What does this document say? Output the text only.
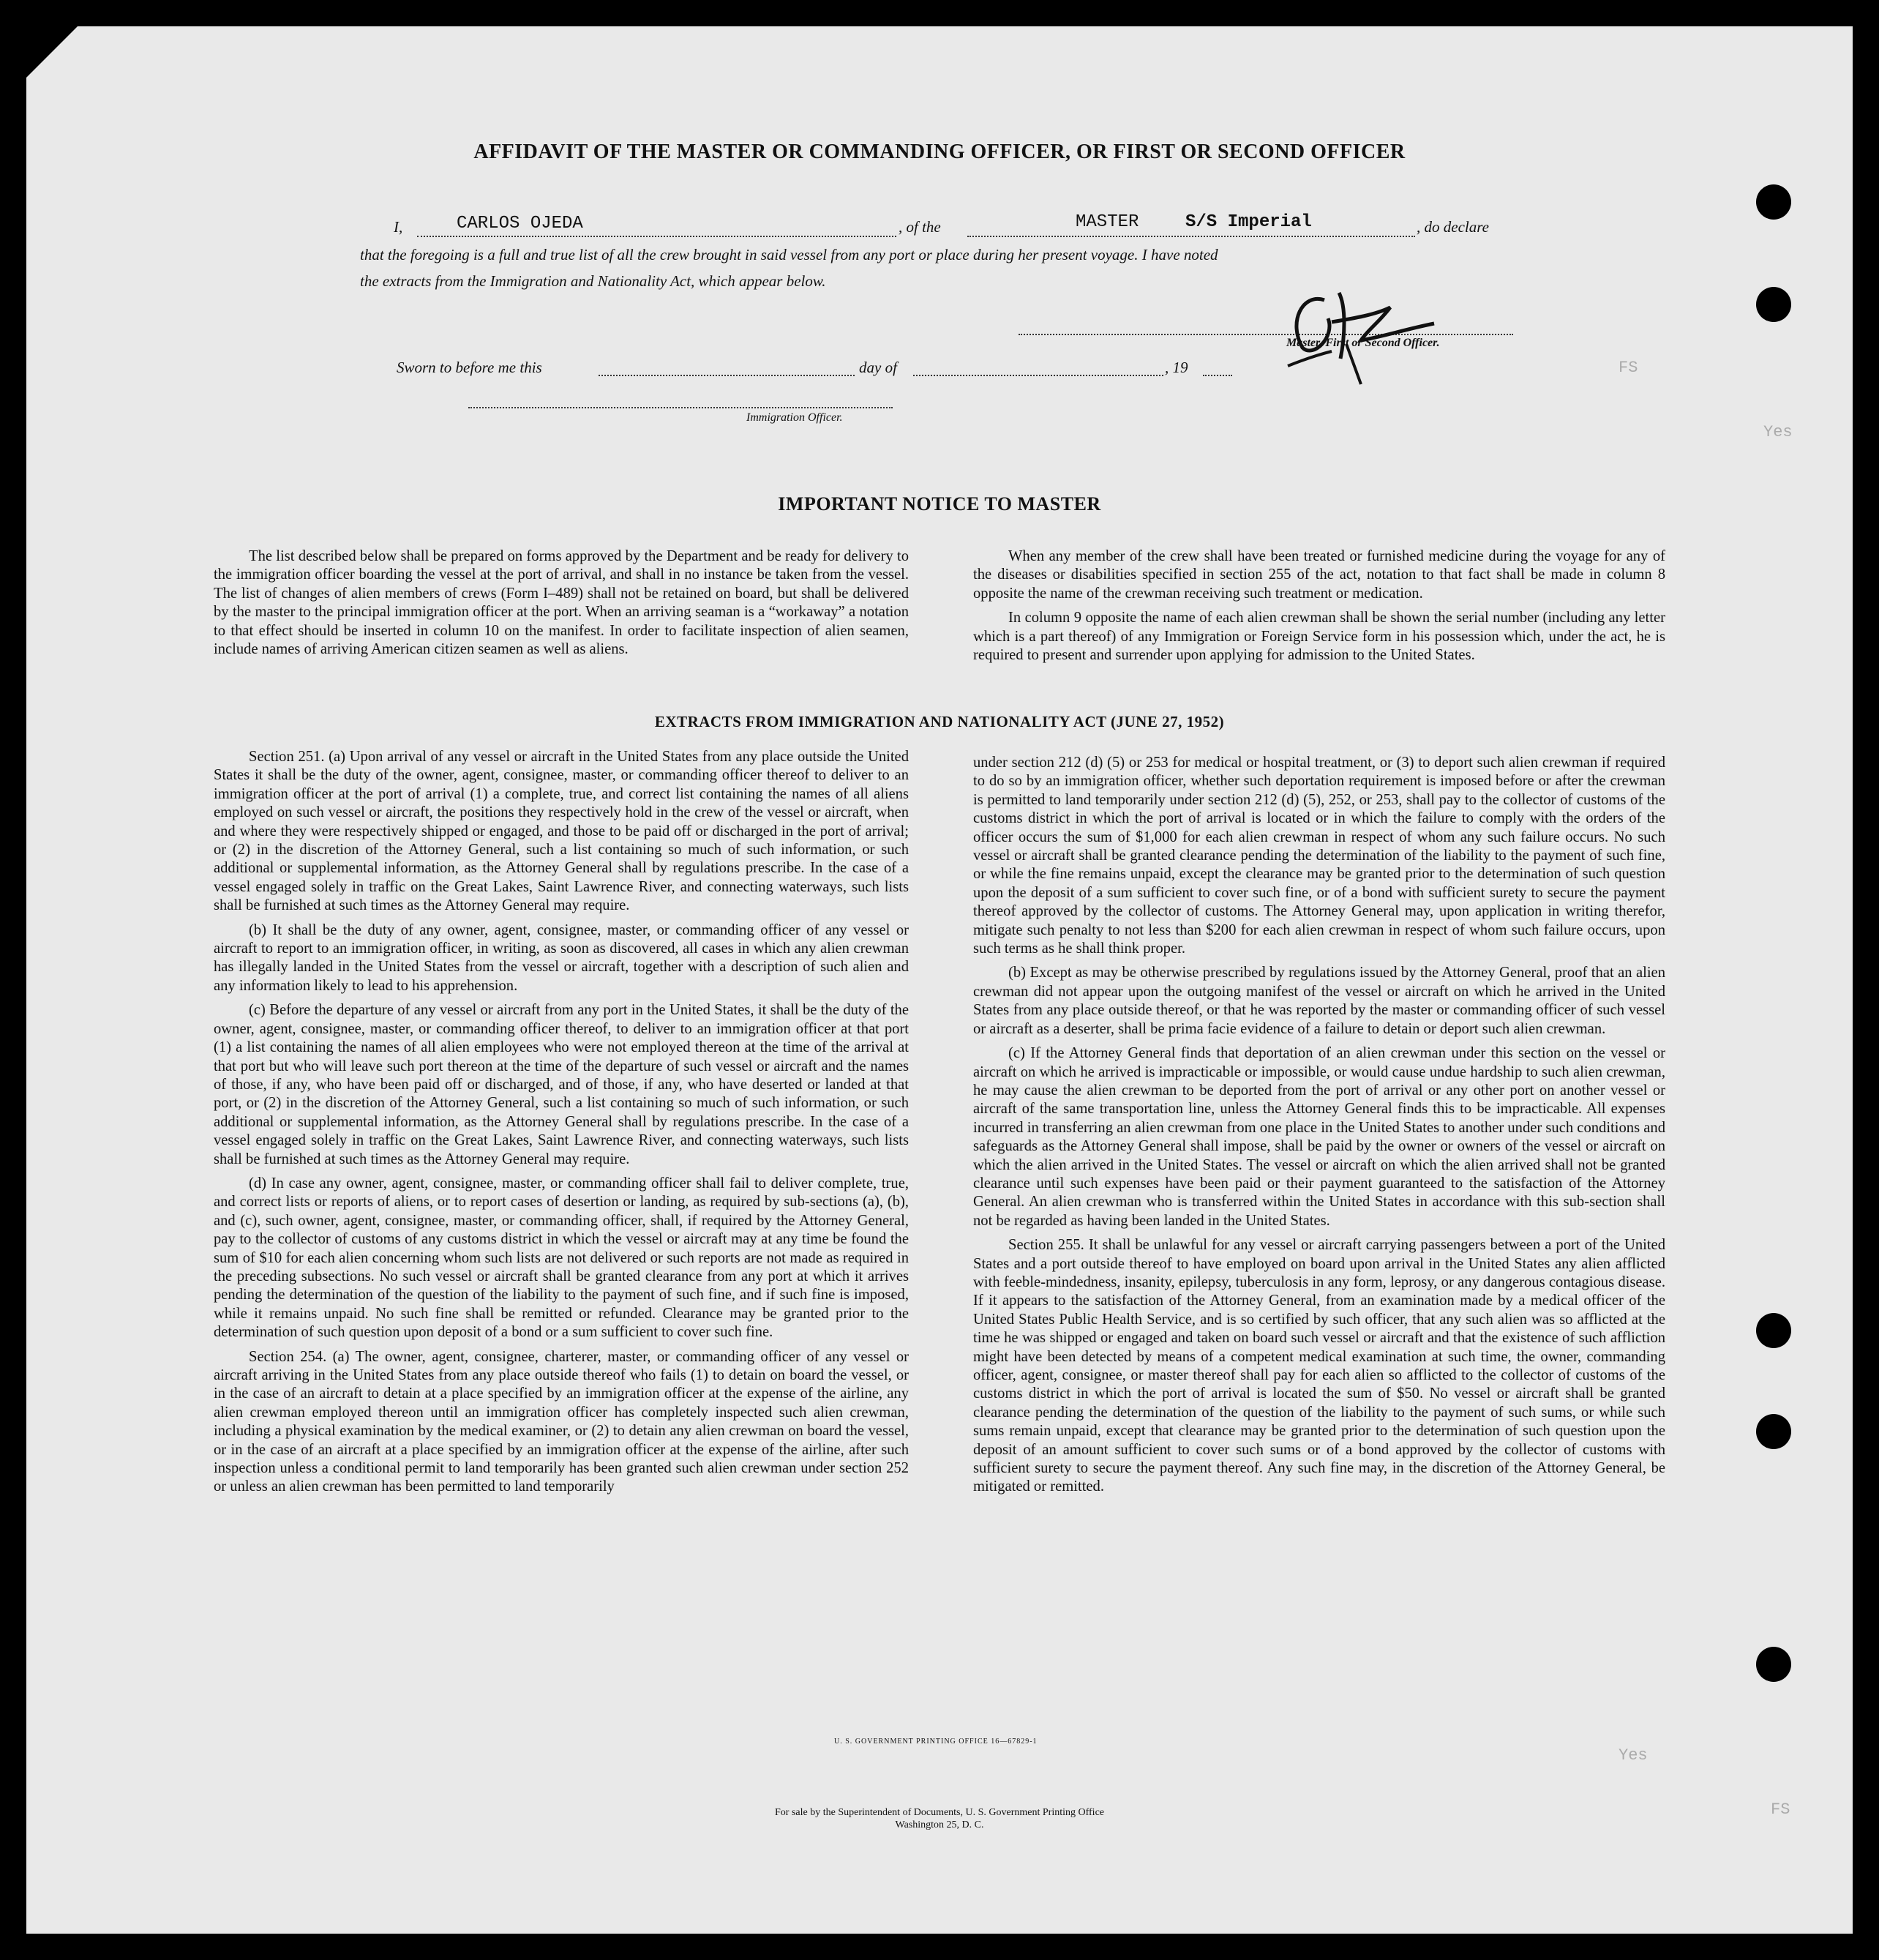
AFFIDAVIT OF THE MASTER OR COMMANDING OFFICER, OR FIRST OR SECOND OFFICER
I,	CARLOS OJEDA	, of the	MASTER	S/S Imperial	, do declare
that the foregoing is a full and true list of all the crew brought in said vessel from any port or place during her present voyage. I have noted
the extracts from the Immigration and Nationality Act, which appear below.
Master, First or Second Officer.
Sworn to before me this	day of	, 19
Immigration Officer.
FS
Yes
Yes
FS
IMPORTANT NOTICE TO MASTER

The list described below shall be prepared on forms approved by the Department and be ready for delivery to the immigration officer boarding the vessel at the port of arrival, and shall in no instance be taken from the vessel. The list of changes of alien members of crews (Form I–489) shall not be retained on board, but shall be delivered by the master to the principal immigration officer at the port. When an arriving seaman is a “workaway” a notation to that effect should be inserted in column 10 on the manifest. In order to facilitate inspection of alien seamen, include names of arriving American citizen seamen as well as aliens.

When any member of the crew shall have been treated or furnished medicine during the voyage for any of the diseases or disabilities specified in section 255 of the act, notation to that fact shall be made in column 8 opposite the name of the crewman receiving such treatment or medication.

In column 9 opposite the name of each alien crewman shall be shown the serial number (including any letter which is a part thereof) of any Immigration or Foreign Service form in his possession which, under the act, he is required to present and surrender upon applying for admission to the United States.

EXTRACTS FROM IMMIGRATION AND NATIONALITY ACT (JUNE 27, 1952)

Section 251. (a) Upon arrival of any vessel or aircraft in the United States from any place outside the United States it shall be the duty of the owner, agent, consignee, master, or commanding officer thereof to deliver to an immigration officer at the port of arrival (1) a complete, true, and correct list containing the names of all aliens employed on such vessel or aircraft, the positions they respectively hold in the crew of the vessel or aircraft, when and where they were respectively shipped or engaged, and those to be paid off or discharged in the port of arrival; or (2) in the discretion of the Attorney General, such a list containing so much of such information, or such additional or supplemental information, as the Attorney General shall by regulations prescribe. In the case of a vessel engaged solely in traffic on the Great Lakes, Saint Lawrence River, and connecting waterways, such lists shall be furnished at such times as the Attorney General may require.

(b) It shall be the duty of any owner, agent, consignee, master, or commanding officer of any vessel or aircraft to report to an immigration officer, in writing, as soon as discovered, all cases in which any alien crewman has illegally landed in the United States from the vessel or aircraft, together with a description of such alien and any information likely to lead to his apprehension.

(c) Before the departure of any vessel or aircraft from any port in the United States, it shall be the duty of the owner, agent, consignee, master, or commanding officer thereof, to deliver to an immigration officer at that port (1) a list containing the names of all alien employees who were not employed thereon at the time of the arrival at that port but who will leave such port thereon at the time of the departure of such vessel or aircraft and the names of those, if any, who have been paid off or discharged, and of those, if any, who have deserted or landed at that port, or (2) in the discretion of the Attorney General, such a list containing so much of such information, or such additional or supplemental information, as the Attorney General shall by regulations prescribe. In the case of a vessel engaged solely in traffic on the Great Lakes, Saint Lawrence River, and connecting waterways, such lists shall be furnished at such times as the Attorney General may require.

(d) In case any owner, agent, consignee, master, or commanding officer shall fail to deliver complete, true, and correct lists or reports of aliens, or to report cases of desertion or landing, as required by sub-sections (a), (b), and (c), such owner, agent, consignee, master, or commanding officer, shall, if required by the Attorney General, pay to the collector of customs of any customs district in which the vessel or aircraft may at any time be found the sum of $10 for each alien concerning whom such lists are not delivered or such reports are not made as required in the preceding subsections. No such vessel or aircraft shall be granted clearance from any port at which it arrives pending the determination of the question of the liability to the payment of such fine, and if such fine is imposed, while it remains unpaid. No such fine shall be remitted or refunded. Clearance may be granted prior to the determination of such question upon deposit of a bond or a sum sufficient to cover such fine.

Section 254. (a) The owner, agent, consignee, charterer, master, or commanding officer of any vessel or aircraft arriving in the United States from any place outside thereof who fails (1) to detain on board the vessel, or in the case of an aircraft to detain at a place specified by an immigration officer at the expense of the airline, any alien crewman employed thereon until an immigration officer has completely inspected such alien crewman, including a physical examination by the medical examiner, or (2) to detain any alien crewman on board the vessel, or in the case of an aircraft at a place specified by an immigration officer at the expense of the airline, after such inspection unless a conditional permit to land temporarily has been granted such alien crewman under section 252 or unless an alien crewman has been permitted to land temporarily

under section 212 (d) (5) or 253 for medical or hospital treatment, or (3) to deport such alien crewman if required to do so by an immigration officer, whether such deportation requirement is imposed before or after the crewman is permitted to land temporarily under section 212 (d) (5), 252, or 253, shall pay to the collector of customs of the customs district in which the port of arrival is located or in which the failure to comply with the orders of the officer occurs the sum of $1,000 for each alien crewman in respect of whom any such failure occurs. No such vessel or aircraft shall be granted clearance pending the determination of the liability to the payment of such fine, or while the fine remains unpaid, except the clearance may be granted prior to the determination of such question upon the deposit of a sum sufficient to cover such fine, or of a bond with sufficient surety to secure the payment thereof approved by the collector of customs. The Attorney General may, upon application in writing therefor, mitigate such penalty to not less than $200 for each alien crewman in respect of whom such failure occurs, upon such terms as he shall think proper.

(b) Except as may be otherwise prescribed by regulations issued by the Attorney General, proof that an alien crewman did not appear upon the outgoing manifest of the vessel or aircraft on which he arrived in the United States from any place outside thereof, or that he was reported by the master or commanding officer of such vessel or aircraft as a deserter, shall be prima facie evidence of a failure to detain or deport such alien crewman.

(c) If the Attorney General finds that deportation of an alien crewman under this section on the vessel or aircraft on which he arrived is impracticable or impossible, or would cause undue hardship to such alien crewman, he may cause the alien crewman to be deported from the port of arrival or any other port on another vessel or aircraft of the same transportation line, unless the Attorney General finds this to be impracticable. All expenses incurred in transferring an alien crewman from one place in the United States to another under such conditions and safeguards as the Attorney General shall impose, shall be paid by the owner or owners of the vessel or aircraft on which the alien arrived in the United States. The vessel or aircraft on which the alien arrived shall not be granted clearance until such expenses have been paid or their payment guaranteed to the satisfaction of the Attorney General. An alien crewman who is transferred within the United States in accordance with this sub-section shall not be regarded as having been landed in the United States.

Section 255. It shall be unlawful for any vessel or aircraft carrying passengers between a port of the United States and a port outside thereof to have employed on board upon arrival in the United States any alien afflicted with feeble-mindedness, insanity, epilepsy, tuberculosis in any form, leprosy, or any dangerous contagious disease. If it appears to the satisfaction of the Attorney General, from an examination made by a medical officer of the United States Public Health Service, and is so certified by such officer, that any such alien was so afflicted at the time he was shipped or engaged and taken on board such vessel or aircraft and that the existence of such affliction might have been detected by means of a competent medical examination at such time, the owner, commanding officer, agent, consignee, or master thereof shall pay for each alien so afflicted to the collector of customs of the customs district in which the port of arrival is located the sum of $50. No vessel or aircraft shall be granted clearance pending the determination of the question of the liability to the payment of such sums, or while such sums remain unpaid, except that clearance may be granted prior to the determination of such question upon the deposit of an amount sufficient to cover such sums or of a bond approved by the collector of customs with sufficient surety to secure the payment thereof. Any such fine may, in the discretion of the Attorney General, be mitigated or remitted.

U. S. GOVERNMENT PRINTING OFFICE 16—67829-1
For sale by the Superintendent of Documents, U. S. Government Printing Office
Washington 25, D. C.
